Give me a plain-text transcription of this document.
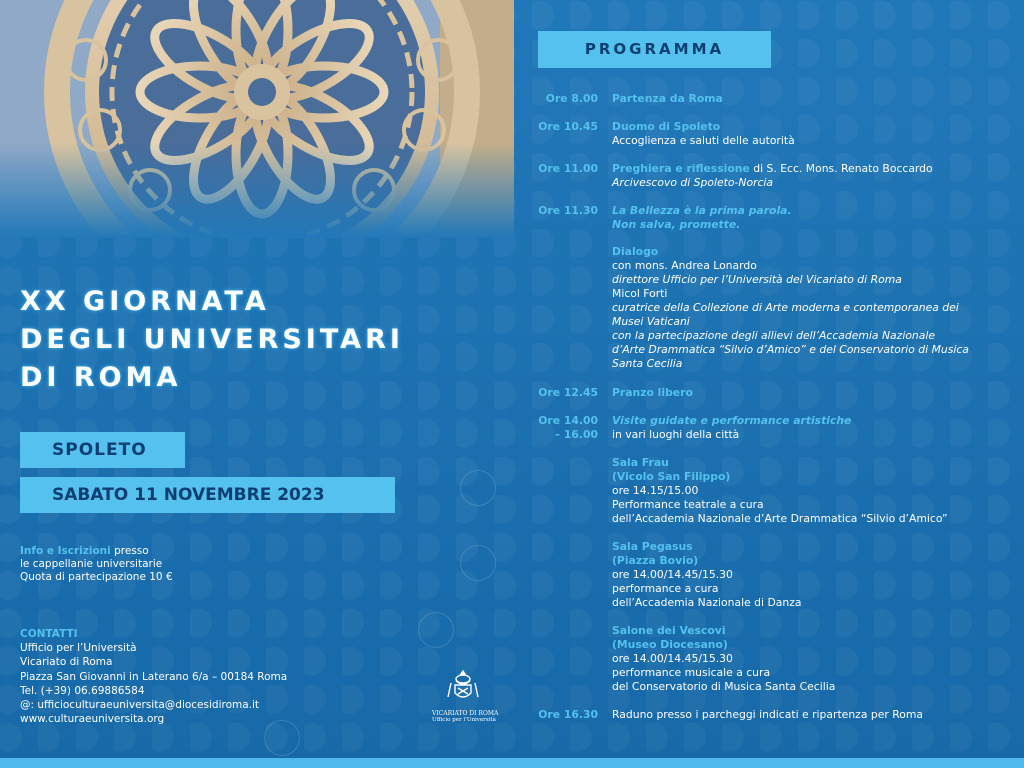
XX GIORNATA
DEGLI UNIVERSITARI
DI ROMA
SPOLETO
SABATO 11 NOVEMBRE 2023
Info e Iscrizioni presso
le cappellanie universitarie
Quota di partecipazione 10 €
CONTATTI
Ufficio per l’Università
Vicariato di Roma
Piazza San Giovanni in Laterano 6/a – 00184 Roma
Tel. (+39) 06.69886584
@: ufficioculturaeuniversita@diocesidiroma.it
www.culturaeuniversita.org	VICARIATO DI ROMA
Ufficio per l’Università
PROGRAMMA
Ore 8.00 Partenza da Roma
Ore 10.45 Duomo di Spoleto
Accoglienza e saluti delle autorità
Ore 11.00 Preghiera e riflessione di S. Ecc. Mons. Renato Boccardo
Arcivescovo di Spoleto-Norcia
Ore 11.30 La Bellezza è la prima parola.
Non salva, promette.
Dialogo
con mons. Andrea Lonardo
direttore Ufficio per l’Università del Vicariato di Roma
Micol Forti
curatrice della Collezione di Arte moderna e contemporanea dei
Musei Vaticani
con la partecipazione degli allievi dell’Accademia Nazionale
d’Arte Drammatica “Silvio d’Amico” e del Conservatorio di Musica
Santa Cecilia
Ore 12.45 Pranzo libero
Ore 14.00
– 16.00
Visite guidate e performance artistiche
in vari luoghi della città
Sala Frau
(Vicolo San Filippo)
ore 14.15/15.00
Performance teatrale a cura
dell’Accademia Nazionale d’Arte Drammatica “Silvio d’Amico”
Sala Pegasus
(Piazza Bovio)
ore 14.00/14.45/15.30
performance a cura
dell’Accademia Nazionale di Danza
Salone dei Vescovi
(Museo Diocesano)
ore 14.00/14.45/15.30
performance musicale a cura
del Conservatorio di Musica Santa Cecilia
Ore 16.30 Raduno presso i parcheggi indicati e ripartenza per Roma
